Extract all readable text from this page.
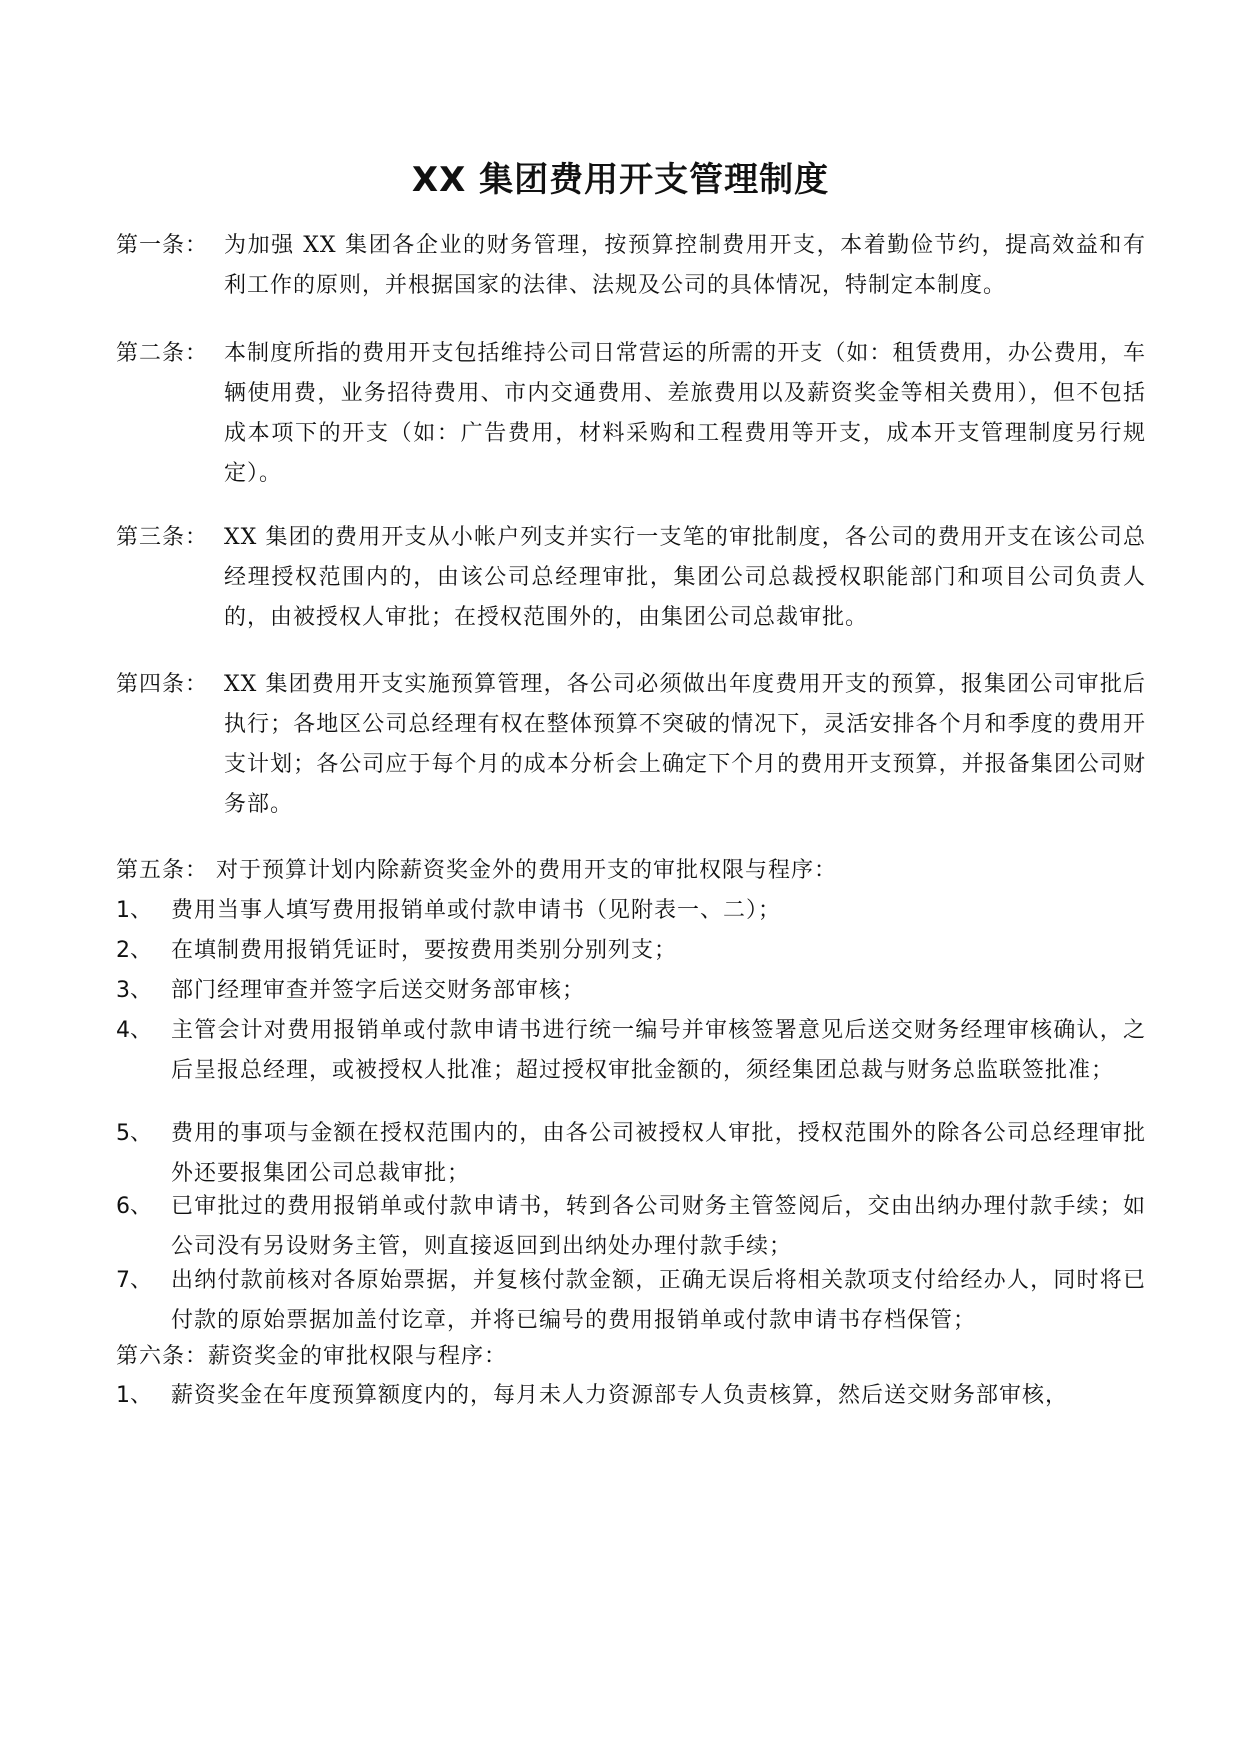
XX 集团费用开支管理制度
第一条： 为加强 XX 集团各企业的财务管理，按预算控制费用开支，本着勤俭节约，提高效益和有利工作的原则，并根据国家的法律、法规及公司的具体情况，特制定本制度。
第二条： 本制度所指的费用开支包括维持公司日常营运的所需的开支（如：租赁费用，办公费用，车辆使用费，业务招待费用、市内交通费用、差旅费用以及薪资奖金等相关费用），但不包括成本项下的开支（如：广告费用，材料采购和工程费用等开支，成本开支管理制度另行规定）。
第三条： XX 集团的费用开支从小帐户列支并实行一支笔的审批制度，各公司的费用开支在该公司总经理授权范围内的，由该公司总经理审批，集团公司总裁授权职能部门和项目公司负责人的，由被授权人审批；在授权范围外的，由集团公司总裁审批。
第四条： XX 集团费用开支实施预算管理，各公司必须做出年度费用开支的预算，报集团公司审批后执行；各地区公司总经理有权在整体预算不突破的情况下，灵活安排各个月和季度的费用开支计划；各公司应于每个月的成本分析会上确定下个月的费用开支预算，并报备集团公司财务部。
第五条： 对于预算计划内除薪资奖金外的费用开支的审批权限与程序：
1、 费用当事人填写费用报销单或付款申请书（见附表一、二）；
2、 在填制费用报销凭证时，要按费用类别分别列支；
3、 部门经理审查并签字后送交财务部审核；
4、 主管会计对费用报销单或付款申请书进行统一编号并审核签署意见后送交财务经理审核确认，之后呈报总经理，或被授权人批准；超过授权审批金额的，须经集团总裁与财务总监联签批准；
5、 费用的事项与金额在授权范围内的，由各公司被授权人审批，授权范围外的除各公司总经理审批外还要报集团公司总裁审批；
6、 已审批过的费用报销单或付款申请书，转到各公司财务主管签阅后，交由出纳办理付款手续；如公司没有另设财务主管，则直接返回到出纳处办理付款手续；
7、 出纳付款前核对各原始票据，并复核付款金额，正确无误后将相关款项支付给经办人，同时将已付款的原始票据加盖付讫章，并将已编号的费用报销单或付款申请书存档保管；
第六条：薪资奖金的审批权限与程序：
1、 薪资奖金在年度预算额度内的，每月未人力资源部专人负责核算，然后送交财务部审核，
